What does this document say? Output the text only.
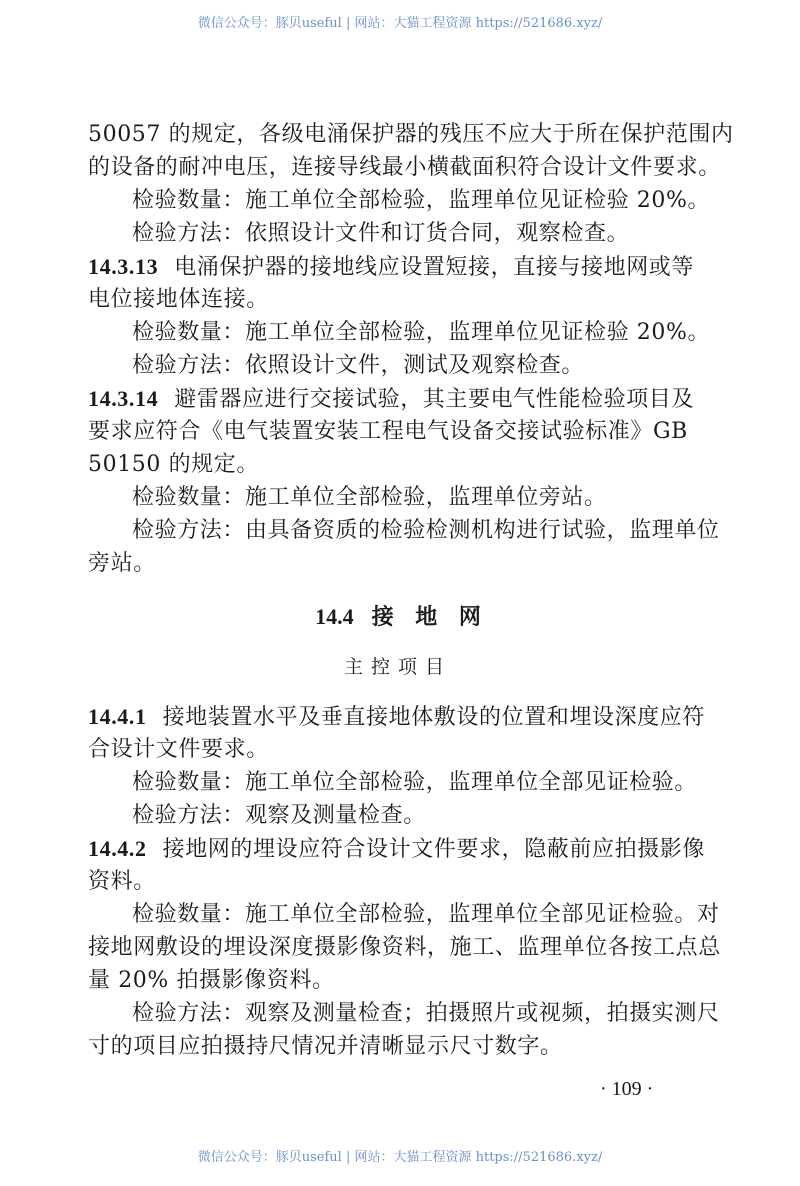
微信公众号：豚贝useful | 网站：大猫工程资源 https://521686.xyz/
50057 的规定，各级电涌保护器的残压不应大于所在保护范围内
的设备的耐冲电压，连接导线最小横截面积符合设计文件要求。
检验数量：施工单位全部检验，监理单位见证检验 20%。
检验方法：依照设计文件和订货合同，观察检查。
14.3.13 电涌保护器的接地线应设置短接，直接与接地网或等
电位接地体连接。
检验数量：施工单位全部检验，监理单位见证检验 20%。
检验方法：依照设计文件，测试及观察检查。
14.3.14 避雷器应进行交接试验，其主要电气性能检验项目及
要求应符合《电气装置安装工程电气设备交接试验标准》GB
50150 的规定。
检验数量：施工单位全部检验，监理单位旁站。
检验方法：由具备资质的检验检测机构进行试验，监理单位
旁站。
14.4 接 地 网
主控项目
14.4.1 接地装置水平及垂直接地体敷设的位置和埋设深度应符
合设计文件要求。
检验数量：施工单位全部检验，监理单位全部见证检验。
检验方法：观察及测量检查。
14.4.2 接地网的埋设应符合设计文件要求，隐蔽前应拍摄影像
资料。
检验数量：施工单位全部检验，监理单位全部见证检验。对
接地网敷设的埋设深度摄影像资料，施工、监理单位各按工点总
量 20% 拍摄影像资料。
检验方法：观察及测量检查；拍摄照片或视频，拍摄实测尺
寸的项目应拍摄持尺情况并清晰显示尺寸数字。
· 109 ·
微信公众号：豚贝useful | 网站：大猫工程资源 https://521686.xyz/
